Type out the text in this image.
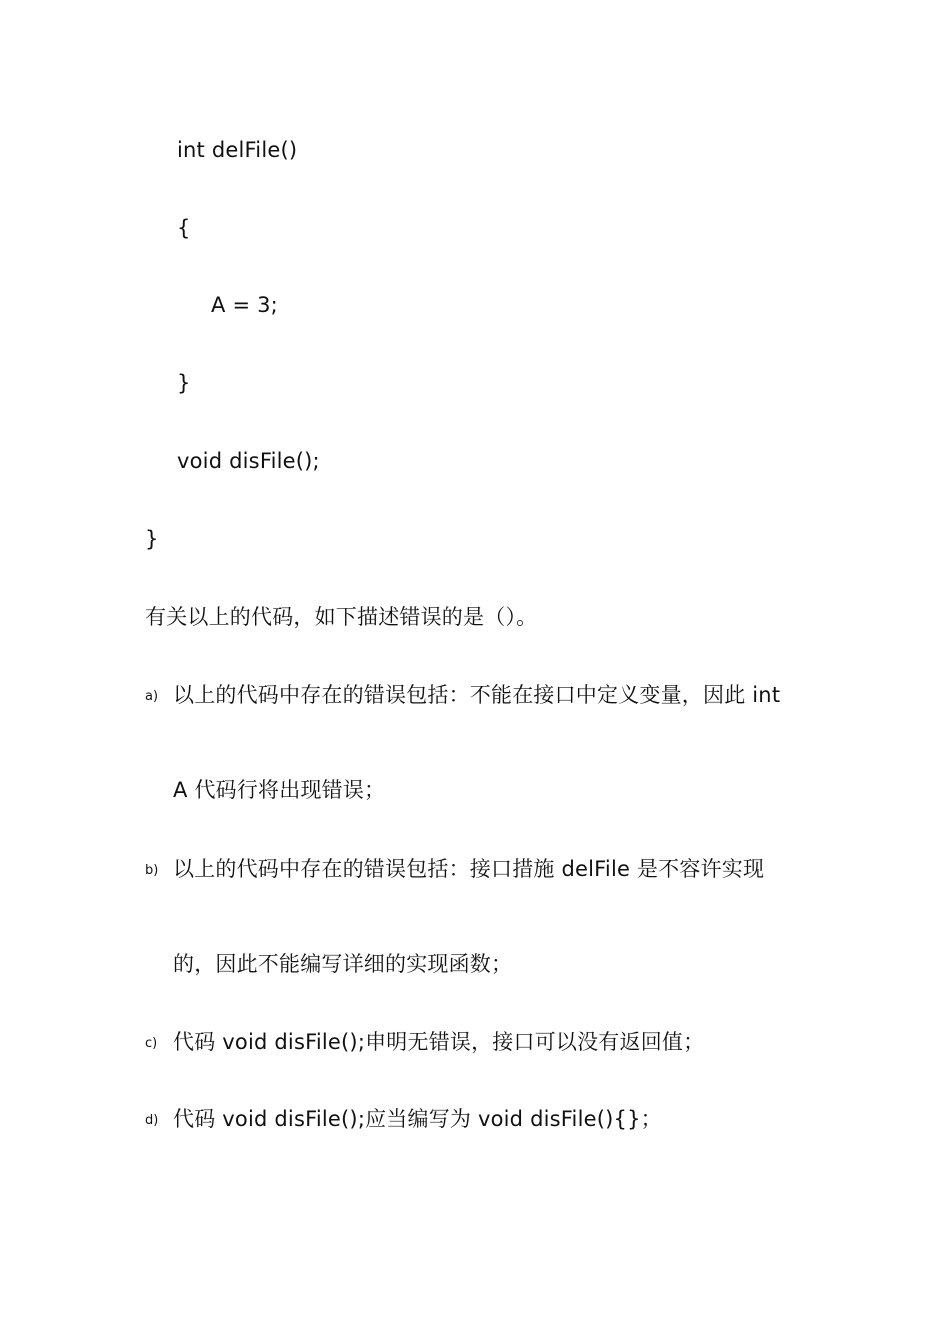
int delFile()
{
A = 3;
}
void disFile();
}
有关以上的代码，如下描述错误的是（）。
a) 以上的代码中存在的错误包括：不能在接口中定义变量，因此 int
A 代码行将出现错误；
b) 以上的代码中存在的错误包括：接口措施 delFile 是不容许实现
的，因此不能编写详细的实现函数；
c) 代码 void disFile();申明无错误，接口可以没有返回值；
d) 代码 void disFile();应当编写为 void disFile(){}；
